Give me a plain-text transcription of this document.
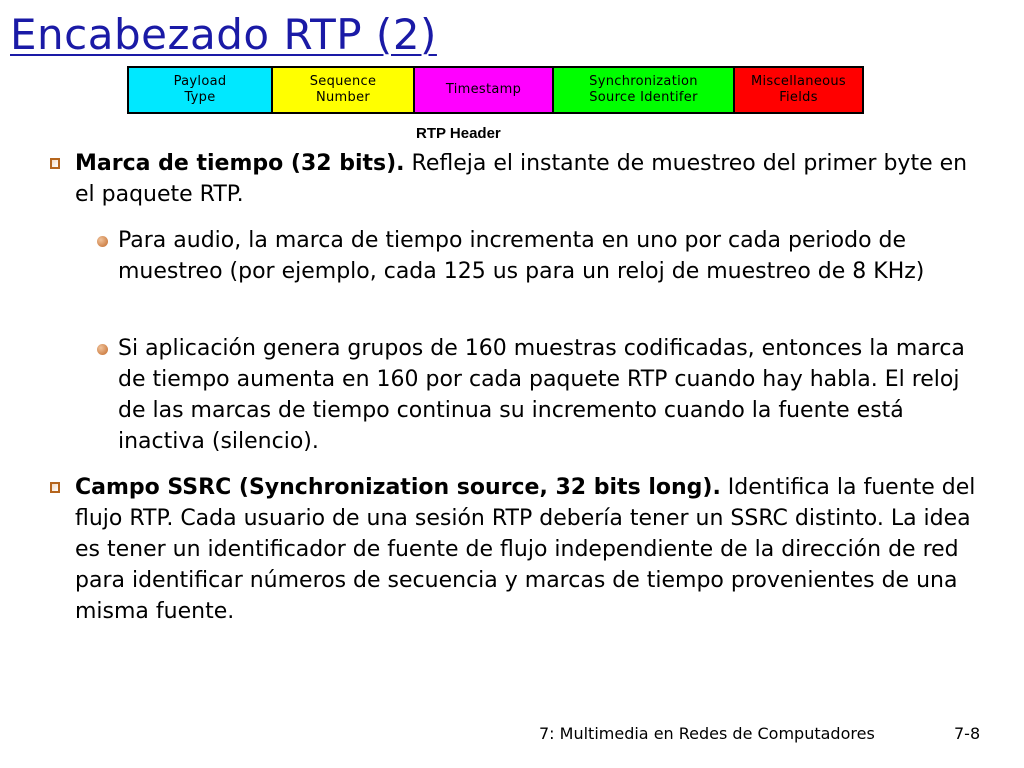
Encabezado RTP (2)
Payload
Type
Sequence
Number
Timestamp
Synchronization
Source Identifer
Miscellaneous
Fields
RTP Header
Marca de tiempo (32 bits). Refleja el instante de muestreo del primer byte en el paquete RTP.
Para audio, la marca de tiempo incrementa en uno por cada periodo de muestreo (por ejemplo, cada 125 us para un reloj de muestreo de 8 KHz)
Si aplicación genera grupos de 160 muestras codificadas, entonces la marca de tiempo aumenta en 160 por cada paquete RTP cuando hay habla. El reloj de las marcas de tiempo continua su incremento cuando la fuente está inactiva (silencio).
Campo SSRC (Synchronization source, 32 bits long). Identifica la fuente del flujo RTP. Cada usuario de una sesión RTP debería tener un SSRC distinto. La idea es tener un identificador de fuente de flujo independiente de la dirección de red para identificar números de secuencia y marcas de tiempo provenientes de una misma fuente.
7: Multimedia en Redes de Computadores	7-8
